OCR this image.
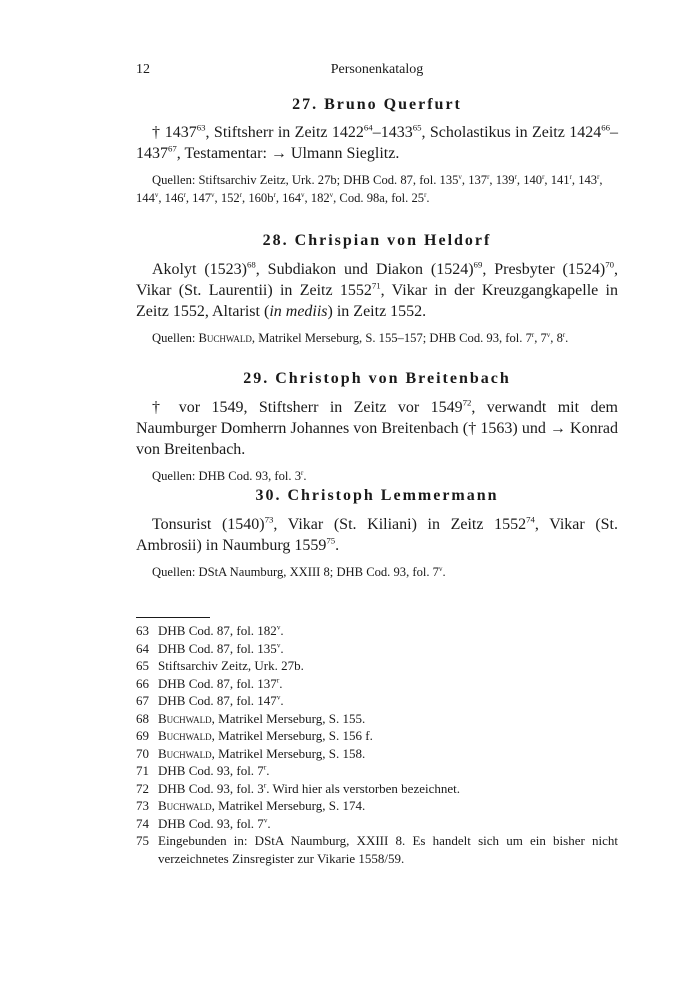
12	Personenkatalog
27. Bruno Querfurt

† 1437$^{63}$, Stiftsherr in Zeitz 1422$^{64}$–1433$^{65}$, Scholastikus in Zeitz 1424$^{66}$–1437$^{67}$, Testamentar: → Ulmann Sieglitz.

Quellen: Stiftsarchiv Zeitz, Urk. 27b; DHB Cod. 87, fol. 135$^v$, 137$^r$, 139$^r$, 140$^r$, 141$^r$, 143$^r$, 144$^v$, 146$^r$, 147$^v$, 152$^r$, $160b^r$, 164$^v$, 182$^v$, Cod. 98a, fol. 25$^r$.

28. Chrispian von Heldorf

Akolyt $(1523)^{68}$, Subdiakon und Diakon $(1524)^{69}$, Presbyter $(1524)^{70}$, Vikar (St. Laurentii) in Zeitz 1552$^{71}$, Vikar in der Kreuzgangkapelle in Zeitz 1552, Altarist (in mediis) in Zeitz 1552.

Quellen: Buchwald, Matrikel Merseburg, S. 155–157; DHB Cod. 93, fol. 7$^r$, 7$^v$, 8$^r$.

29. Christoph von Breitenbach

† vor 1549, Stiftsherr in Zeitz vor 1549$^{72}$, verwandt mit dem Naumburger Domherrn Johannes von Breitenbach († 1563) und → Konrad von Breitenbach.

Quellen: DHB Cod. 93, fol. 3$^r$.

30. Christoph Lemmermann

Tonsurist $(1540)^{73}$, Vikar (St. Kiliani) in Zeitz 1552$^{74}$, Vikar (St. Ambrosii) in Naumburg 1559$^{75}$.

Quellen: DStA Naumburg, XXIII 8; DHB Cod. 93, fol. 7$^v$.

63 DHB Cod. 87, fol. 182$^v$.
64 DHB Cod. 87, fol. 135$^v$.
65 Stiftsarchiv Zeitz, Urk. 27b.
66 DHB Cod. 87, fol. 137$^r$.
67 DHB Cod. 87, fol. 147$^v$.
68 Buchwald, Matrikel Merseburg, S. 155.
69 Buchwald, Matrikel Merseburg, S. 156 f.
70 Buchwald, Matrikel Merseburg, S. 158.
71 DHB Cod. 93, fol. 7$^r$.
72 DHB Cod. 93, fol. 3$^r$. Wird hier als verstorben bezeichnet.
73 Buchwald, Matrikel Merseburg, S. 174.
74 DHB Cod. 93, fol. 7$^v$.
75 Eingebunden in: DStA Naumburg, XXIII 8. Es handelt sich um ein bisher nicht verzeichnetes Zinsregister zur Vikarie 1558/59.
